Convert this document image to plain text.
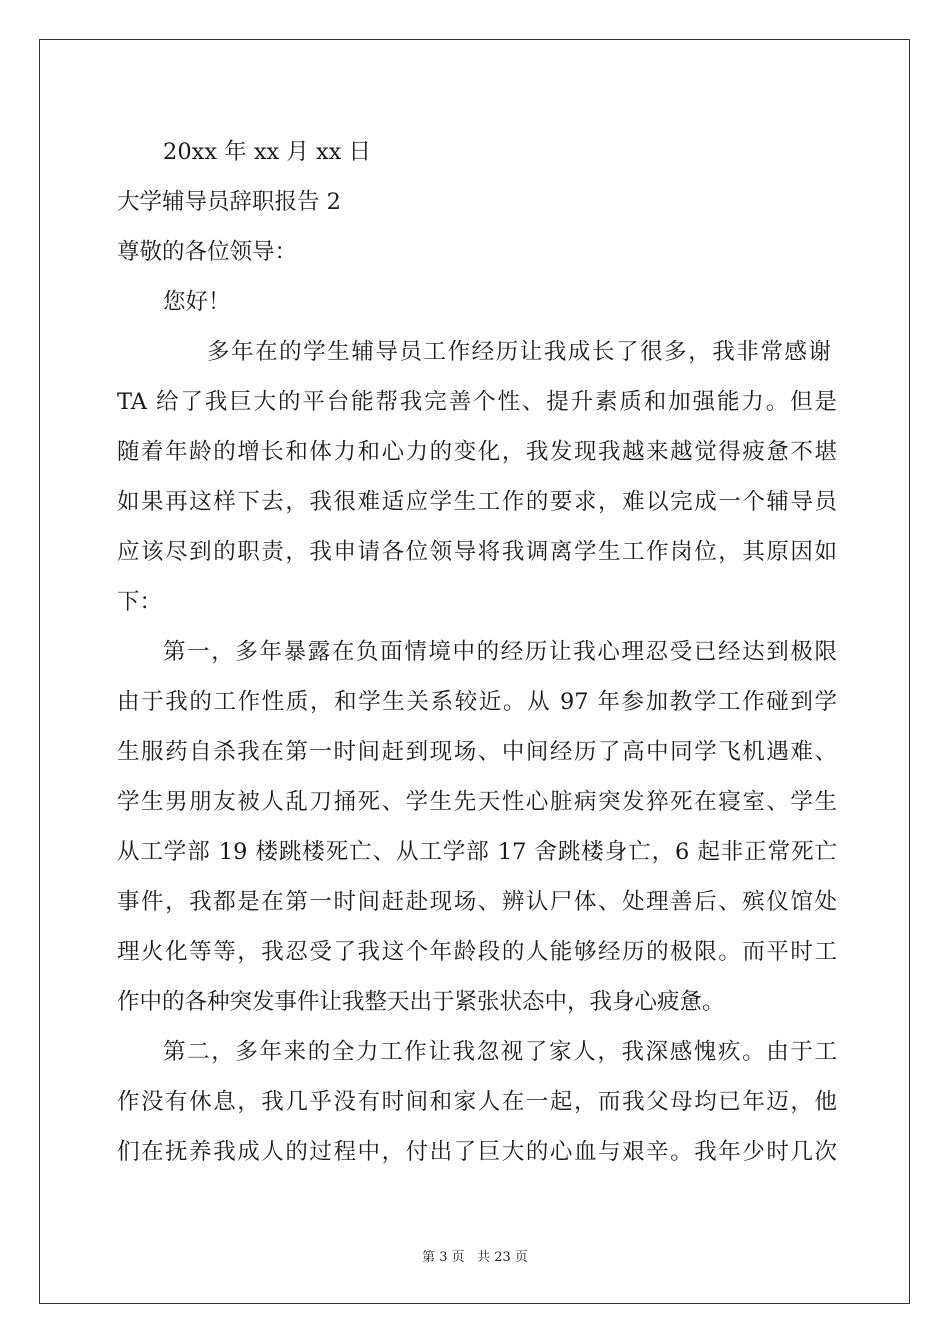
20xx 年 xx 月 xx 日

大学辅导员辞职报告 2

尊敬的各位领导：

您好！

多年在的学生辅导员工作经历让我成长了很多，我非常感谢

TA 给了我巨大的平台能帮我完善个性、提升素质和加强能力。但是

随着年龄的增长和体力和心力的变化，我发现我越来越觉得疲惫不堪

如果再这样下去，我很难适应学生工作的要求，难以完成一个辅导员

应该尽到的职责，我申请各位领导将我调离学生工作岗位，其原因如

下：

第一，多年暴露在负面情境中的经历让我心理忍受已经达到极限

由于我的工作性质，和学生关系较近。从 97 年参加教学工作碰到学

生服药自杀我在第一时间赶到现场、中间经历了高中同学飞机遇难、

学生男朋友被人乱刀捅死、学生先天性心脏病突发猝死在寝室、学生

从工学部 19 楼跳楼死亡、从工学部 17 舍跳楼身亡，6 起非正常死亡

事件，我都是在第一时间赶赴现场、辨认尸体、处理善后、殡仪馆处

理火化等等，我忍受了我这个年龄段的人能够经历的极限。而平时工

作中的各种突发事件让我整天出于紧张状态中，我身心疲惫。

第二，多年来的全力工作让我忽视了家人，我深感愧疚。由于工

作没有休息，我几乎没有时间和家人在一起，而我父母均已年迈，他

们在抚养我成人的过程中，付出了巨大的心血与艰辛。我年少时几次

第 3 页   共 23 页
